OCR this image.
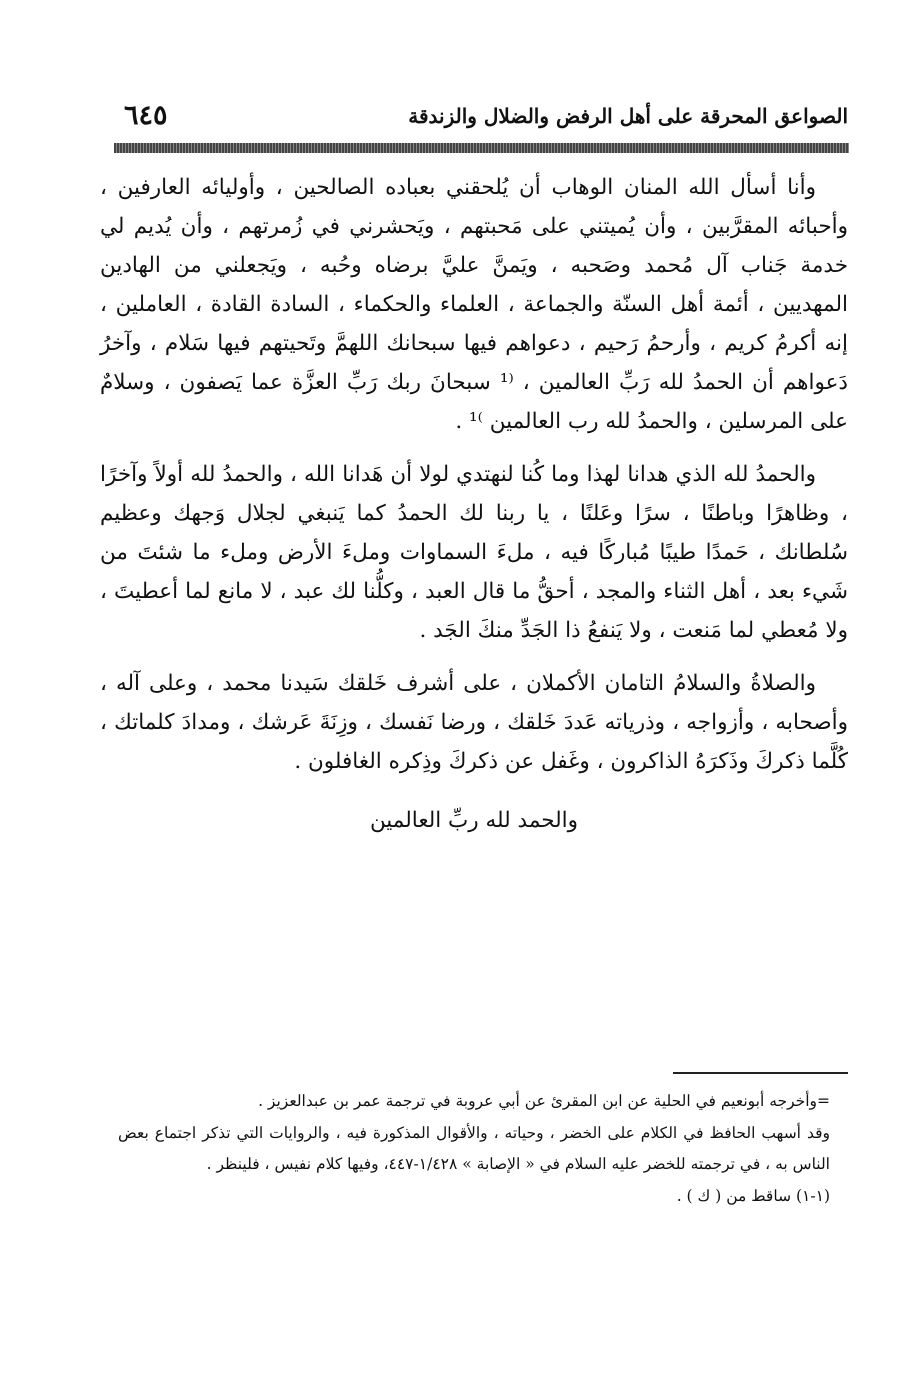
٦٤٥	الصواعق المحرقة على أهل الرفض والضلال والزندقة

وأنا أسأل الله المنان الوهاب أن يُلحقني بعباده الصالحين ، وأوليائه العارفين ، وأحبائه المقرَّبين ، وأن يُميتني على مَحبتهم ، ويَحشرني في زُمرتهم ، وأن يُديم لي خدمة جَناب آل مُحمد وصَحبه ، ويَمنَّ عليَّ برضاه وحُبه ، ويَجعلني من الهادين المهديين ، أئمة أهل السنّة والجماعة ، العلماء والحكماء ، السادة القادة ، العاملين ، إنه أكرمُ كريم ، وأرحمُ رَحيم ، دعواهم فيها سبحانك اللهمَّ وتَحيتهم فيها سَلام ، وآخرُ دَعواهم أن الحمدُ لله رَبِّ العالمين ، ⁽¹ سبحانَ ربك رَبِّ العزَّة عما يَصفون ، وسلامٌ على المرسلين ، والحمدُ لله رب العالمين ⁾¹ .

والحمدُ لله الذي هدانا لهذا وما كُنا لنهتدي لولا أن هَدانا الله ، والحمدُ لله أولاً وآخرًا ، وظاهرًا وباطنًا ، سرًا وعَلنًا ، يا ربنا لك الحمدُ كما يَنبغي لجلال وَجهك وعظيم سُلطانك ، حَمدًا طيبًا مُباركًا فيه ، ملءَ السماوات وملءَ الأرض وملء ما شئتَ من شَيء بعد ، أهل الثناء والمجد ، أحقُّ ما قال العبد ، وكلُّنا لك عبد ، لا مانع لما أعطيتَ ، ولا مُعطي لما مَنعت ، ولا يَنفعُ ذا الجَدِّ منكَ الجَد .

والصلاةُ والسلامُ التامان الأكملان ، على أشرف خَلقك سَيدنا محمد ، وعلى آله ، وأصحابه ، وأزواجه ، وذرياته عَددَ خَلقك ، ورضا نَفسك ، وزِنَةَ عَرشك ، ومدادَ كلماتك ، كُلَّما ذكركَ وذَكرَهُ الذاكرون ، وغَفل عن ذكركَ وذِكره الغافلون .

والحمد لله ربِّ العالمين

=وأخرجه أبونعيم في الحلية عن ابن المقرئ عن أبي عروبة في ترجمة عمر بن عبدالعزيز .

وقد أسهب الحافظ في الكلام على الخضر ، وحياته ، والأقوال المذكورة فيه ، والروايات التي تذكر اجتماع بعض الناس به ، في ترجمته للخضر عليه السلام في « الإصابة » ١/٤٢٨-٤٤٧، وفيها كلام نفيس ، فلينظر .

(١-١) ساقط من ( ك ) .
